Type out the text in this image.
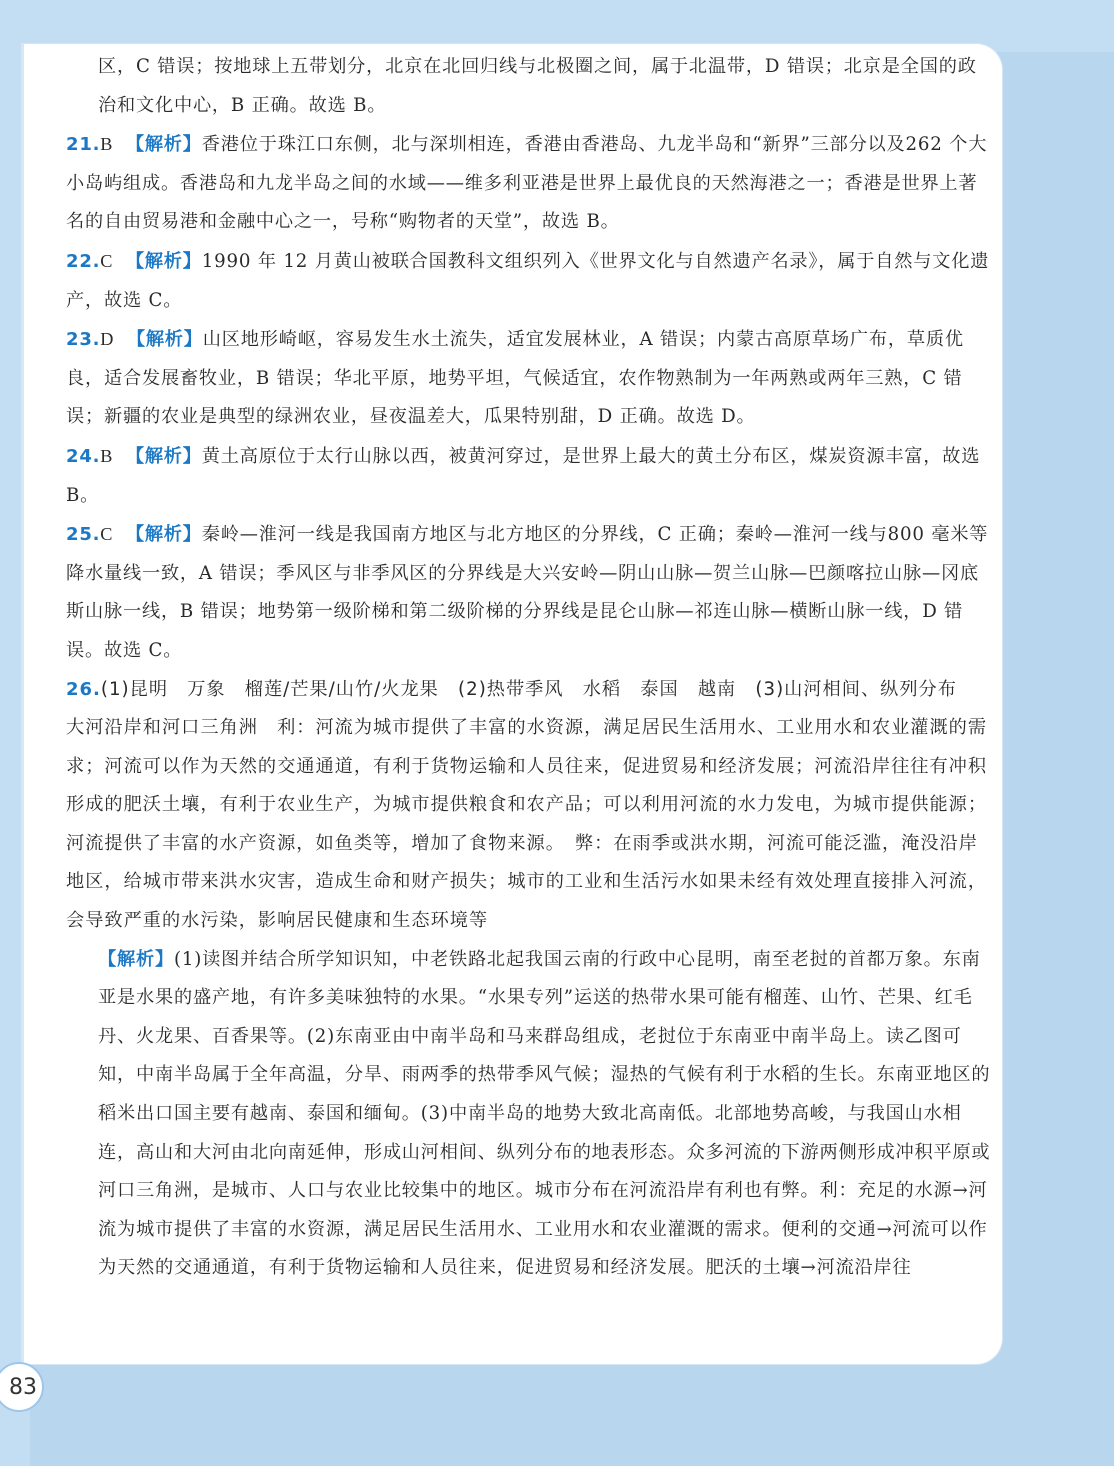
区，C 错误；按地球上五带划分，北京在北回归线与北极圈之间，属于北温带，D 错误；北京是全国的政治和文化中心，B 正确。故选 B。

21.B 【解析】香港位于珠江口东侧，北与深圳相连，香港由香港岛、九龙半岛和“新界”三部分以及262 个大小岛屿组成。香港岛和九龙半岛之间的水域——维多利亚港是世界上最优良的天然海港之一；香港是世界上著名的自由贸易港和金融中心之一，号称“购物者的天堂”，故选 B。

22.C 【解析】1990 年 12 月黄山被联合国教科文组织列入《世界文化与自然遗产名录》，属于自然与文化遗产，故选 C。

23.D 【解析】山区地形崎岖，容易发生水土流失，适宜发展林业，A 错误；内蒙古高原草场广布，草质优良，适合发展畜牧业，B 错误；华北平原，地势平坦，气候适宜，农作物熟制为一年两熟或两年三熟，C 错误；新疆的农业是典型的绿洲农业，昼夜温差大，瓜果特别甜，D 正确。故选 D。

24.B 【解析】黄土高原位于太行山脉以西，被黄河穿过，是世界上最大的黄土分布区，煤炭资源丰富，故选 B。

25.C 【解析】秦岭—淮河一线是我国南方地区与北方地区的分界线，C 正确；秦岭—淮河一线与800 毫米等降水量线一致，A 错误；季风区与非季风区的分界线是大兴安岭—阴山山脉—贺兰山脉—巴颜喀拉山脉—冈底斯山脉一线，B 错误；地势第一级阶梯和第二级阶梯的分界线是昆仑山脉—祁连山脉—横断山脉一线，D 错误。故选 C。

26.(1)昆明　万象　榴莲/芒果/山竹/火龙果　(2)热带季风　水稻　泰国　越南　(3)山河相间、纵列分布　大河沿岸和河口三角洲　利：河流为城市提供了丰富的水资源，满足居民生活用水、工业用水和农业灌溉的需求；河流可以作为天然的交通通道，有利于货物运输和人员往来，促进贸易和经济发展；河流沿岸往往有冲积形成的肥沃土壤，有利于农业生产，为城市提供粮食和农产品；可以利用河流的水力发电，为城市提供能源；河流提供了丰富的水产资源，如鱼类等，增加了食物来源。　弊：在雨季或洪水期，河流可能泛滥，淹没沿岸地区，给城市带来洪水灾害，造成生命和财产损失；城市的工业和生活污水如果未经有效处理直接排入河流，会导致严重的水污染，影响居民健康和生态环境等

【解析】(1)读图并结合所学知识知，中老铁路北起我国云南的行政中心昆明，南至老挝的首都万象。东南亚是水果的盛产地，有许多美味独特的水果。“水果专列”运送的热带水果可能有榴莲、山竹、芒果、红毛丹、火龙果、百香果等。(2)东南亚由中南半岛和马来群岛组成，老挝位于东南亚中南半岛上。读乙图可知，中南半岛属于全年高温，分旱、雨两季的热带季风气候；湿热的气候有利于水稻的生长。东南亚地区的稻米出口国主要有越南、泰国和缅甸。(3)中南半岛的地势大致北高南低。北部地势高峻，与我国山水相连，高山和大河由北向南延伸，形成山河相间、纵列分布的地表形态。众多河流的下游两侧形成冲积平原或河口三角洲，是城市、人口与农业比较集中的地区。城市分布在河流沿岸有利也有弊。利：充足的水源→河流为城市提供了丰富的水资源，满足居民生活用水、工业用水和农业灌溉的需求。便利的交通→河流可以作为天然的交通通道，有利于货物运输和人员往来，促进贸易和经济发展。肥沃的土壤→河流沿岸往

83
